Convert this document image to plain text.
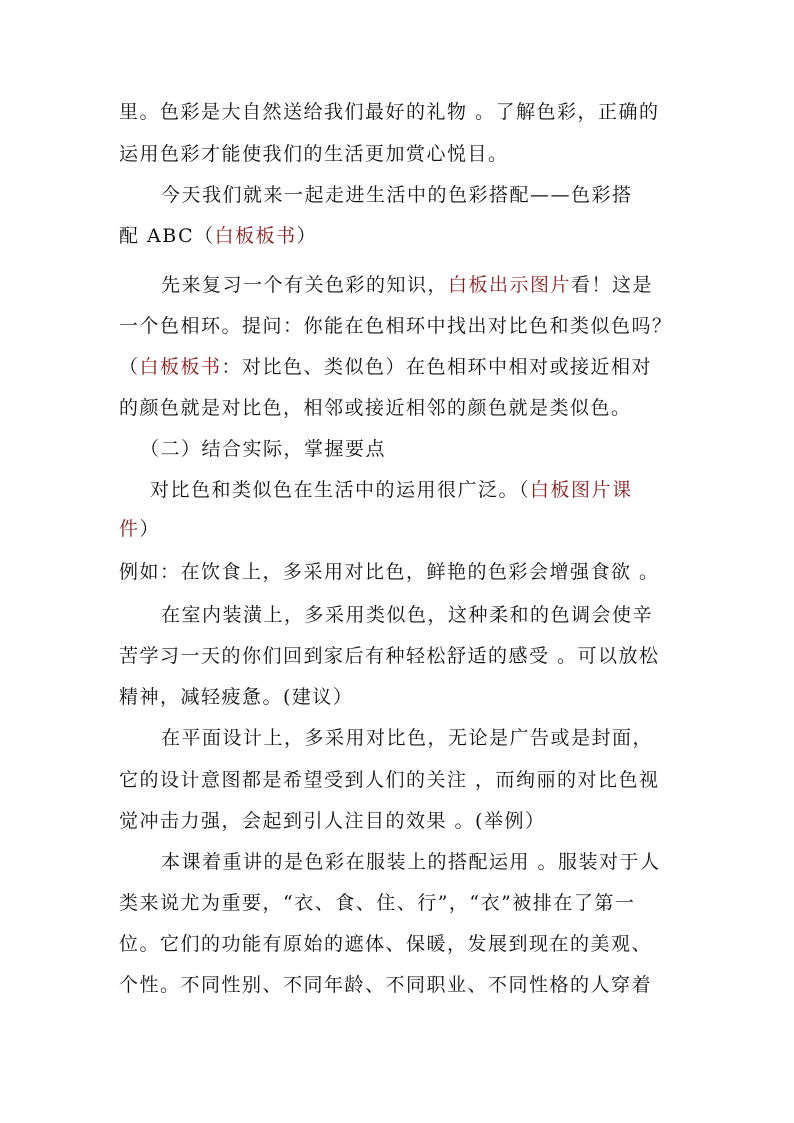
里。色彩是大自然送给我们最好的礼物 。了解色彩，正确的
运用色彩才能使我们的生活更加赏心悦目。
今天我们就来一起走进生活中的色彩搭配——色彩搭
配 ABC（白板板书）
先来复习一个有关色彩的知识，白板出示图片看！这是
一个色相环。提问：你能在色相环中找出对比色和类似色吗？
（白板板书：对比色、类似色）在色相环中相对或接近相对
的颜色就是对比色，相邻或接近相邻的颜色就是类似色。
（二）结合实际，掌握要点
对比色和类似色在生活中的运用很广泛。（白板图片课
件）
例如：在饮食上，多采用对比色，鲜艳的色彩会增强食欲 。
在室内装潢上，多采用类似色，这种柔和的色调会使辛
苦学习一天的你们回到家后有种轻松舒适的感受 。可以放松
精神，减轻疲惫。(建议）
在平面设计上，多采用对比色，无论是广告或是封面，
它的设计意图都是希望受到人们的关注 ，而绚丽的对比色视
觉冲击力强，会起到引人注目的效果 。(举例）
本课着重讲的是色彩在服装上的搭配运用 。服装对于人
类来说尤为重要，“衣、食、住、行”，“衣”被排在了第一
位。它们的功能有原始的遮体、保暖，发展到现在的美观、
个性。不同性别、不同年龄、不同职业、不同性格的人穿着
